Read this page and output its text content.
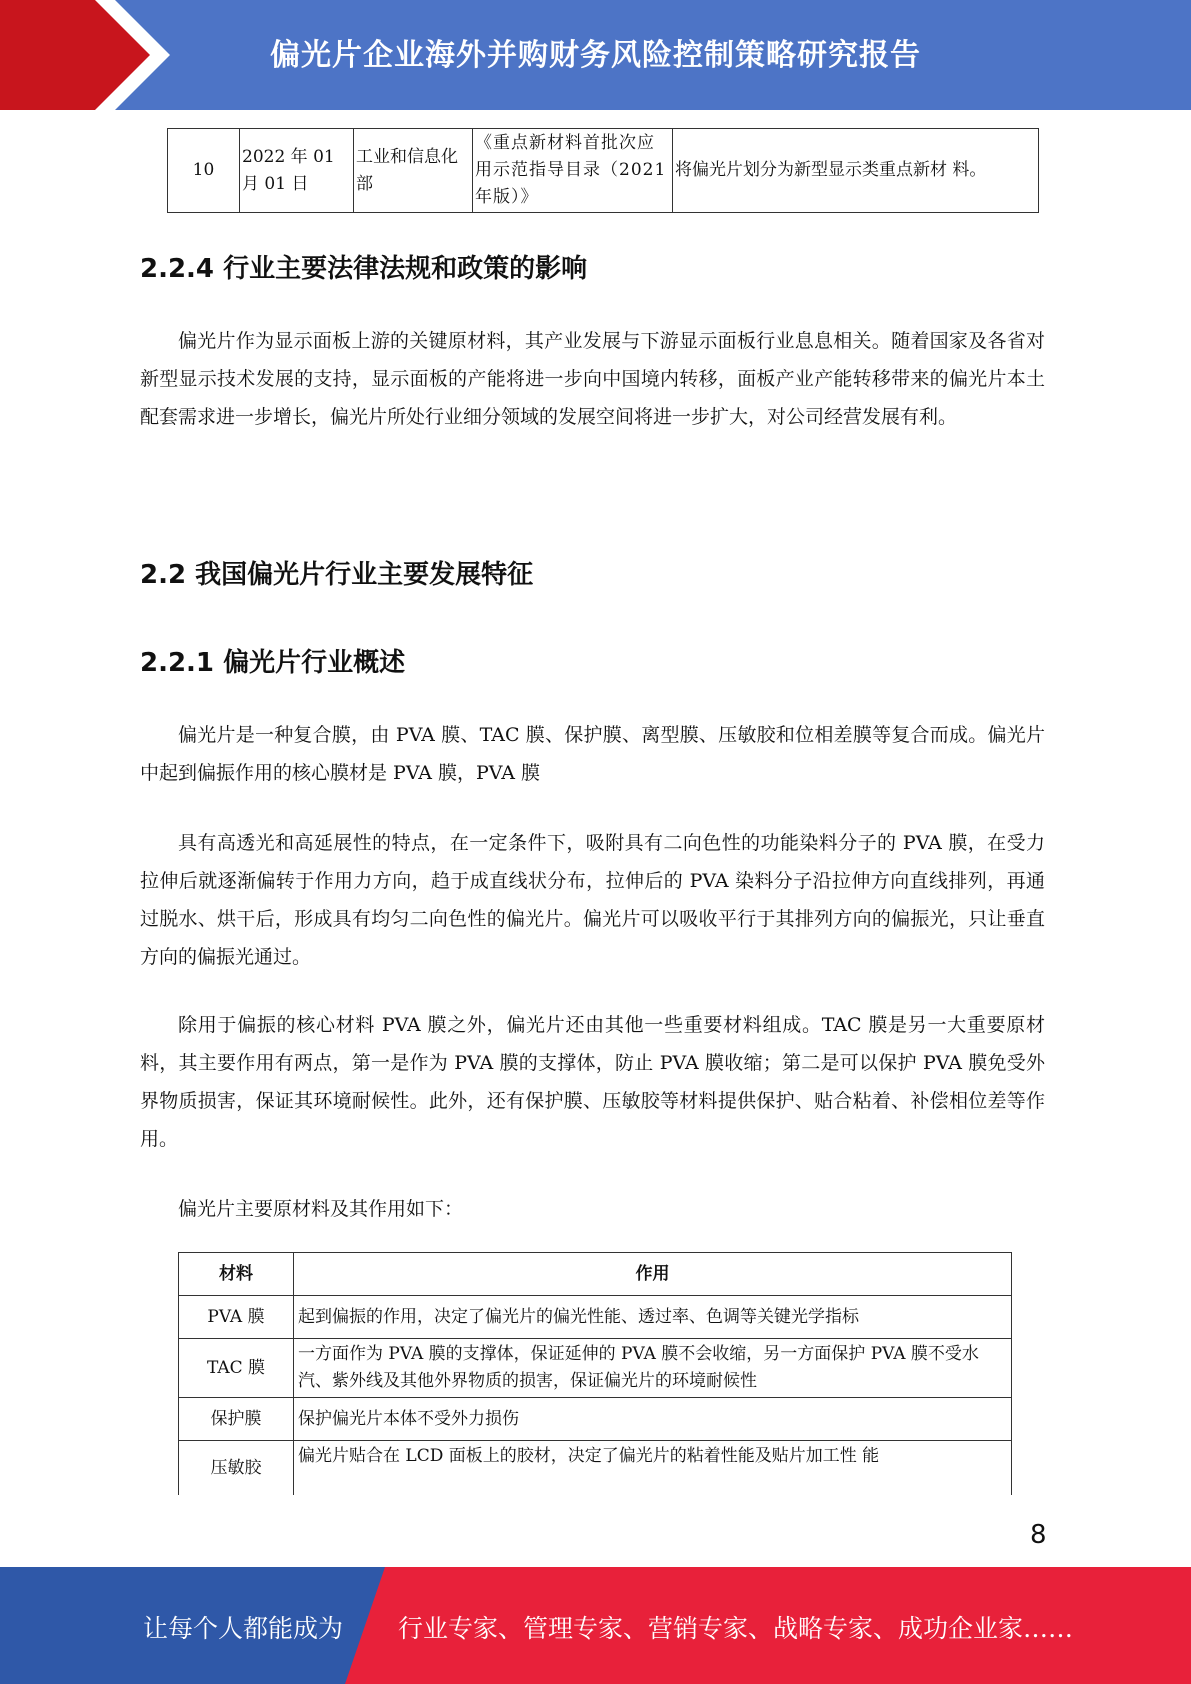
偏光片企业海外并购财务风险控制策略研究报告
10	2022 年 01 月 01 日	工业和信息化部	《重点新材料首批次应用示范指导目录（2021 年版）》	将偏光片划分为新型显示类重点新材 料。
2.2.4 行业主要法律法规和政策的影响

偏光片作为显示面板上游的关键原材料，其产业发展与下游显示面板行业息息相关。随着国家及各省对新型显示技术发展的支持，显示面板的产能将进一步向中国境内转移，面板产业产能转移带来的偏光片本土配套需求进一步增长，偏光片所处行业细分领域的发展空间将进一步扩大，对公司经营发展有利。

2.2 我国偏光片行业主要发展特征
2.2.1 偏光片行业概述

偏光片是一种复合膜，由 PVA 膜、TAC 膜、保护膜、离型膜、压敏胶和位相差膜等复合而成。偏光片中起到偏振作用的核心膜材是 PVA 膜，PVA 膜

具有高透光和高延展性的特点，在一定条件下，吸附具有二向色性的功能染料分子的 PVA 膜，在受力拉伸后就逐渐偏转于作用力方向，趋于成直线状分布，拉伸后的 PVA 染料分子沿拉伸方向直线排列，再通过脱水、烘干后，形成具有均匀二向色性的偏光片。偏光片可以吸收平行于其排列方向的偏振光，只让垂直方向的偏振光通过。

除用于偏振的核心材料 PVA 膜之外，偏光片还由其他一些重要材料组成。TAC 膜是另一大重要原材料，其主要作用有两点，第一是作为 PVA 膜的支撑体，防止 PVA 膜收缩；第二是可以保护 PVA 膜免受外界物质损害，保证其环境耐候性。此外，还有保护膜、压敏胶等材料提供保护、贴合粘着、补偿相位差等作用。

偏光片主要原材料及其作用如下：

材料	作用
PVA 膜	起到偏振的作用，决定了偏光片的偏光性能、透过率、色调等关键光学指标
TAC 膜	一方面作为 PVA 膜的支撑体，保证延伸的 PVA 膜不会收缩，另一方面保护 PVA 膜不受水汽、紫外线及其他外界物质的损害，保证偏光片的环境耐候性
保护膜	保护偏光片本体不受外力损伤
压敏胶	偏光片贴合在 LCD 面板上的胶材，决定了偏光片的粘着性能及贴片加工性 能
8
让每个人都能成为 行业专家、管理专家、营销专家、战略专家、成功企业家……
